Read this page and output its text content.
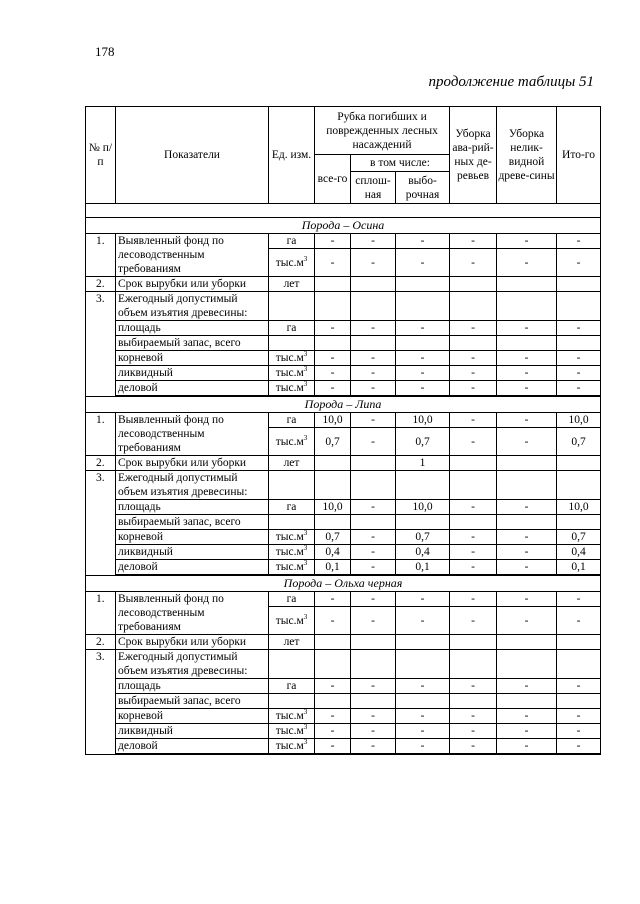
178
продолжение таблицы 51
№ п/п	Показатели	Ед. изм.	Рубка погибших и поврежденных лесных насаждений			Уборка ава-рий-ных де-ревьев	Уборка нелик-видной древе-сины	Ито-го
			все-го	в том числе:				
				сплош-ная	выбо-рочная			

Порода – Осина								
1.	Выявленный фонд по лесоводственным требованиям	га	-	-	-	-	-	-
		$тыс.м^3$	-	-	-	-	-	-
2.	Срок вырубки или уборки	лет						
3.	Ежегодный допустимый объем изъятия древесины:							
	площадь	га	-	-	-	-	-	-
	выбираемый запас, всего							
	корневой	$тыс.м^3$	-	-	-	-	-	-
	ликвидный	$тыс.м^3$	-	-	-	-	-	-
	деловой	$тыс.м^3$	-	-	-	-	-	-

Порода – Липа								
1.	Выявленный фонд по лесоводственным требованиям	га	10,0	-	10,0	-	-	10,0
		$тыс.м^3$	0,7	-	0,7	-	-	0,7
2.	Срок вырубки или уборки	лет			1			
3.	Ежегодный допустимый объем изъятия древесины:							
	площадь	га	10,0	-	10,0	-	-	10,0
	выбираемый запас, всего							
	корневой	$тыс.м^3$	0,7	-	0,7	-	-	0,7
	ликвидный	$тыс.м^3$	0,4	-	0,4	-	-	0,4
	деловой	$тыс.м^3$	0,1	-	0,1	-	-	0,1

Порода – Ольха черная								
1.	Выявленный фонд по лесоводственным требованиям	га	-	-	-	-	-	-
		$тыс.м^3$	-	-	-	-	-	-
2.	Срок вырубки или уборки	лет						
3.	Ежегодный допустимый объем изъятия древесины:							
	площадь	га	-	-	-	-	-	-
	выбираемый запас, всего							
	корневой	$тыс.м^3$	-	-	-	-	-	-
	ликвидный	$тыс.м^3$	-	-	-	-	-	-
	деловой	$тыс.м^3$	-	-	-	-	-	-
